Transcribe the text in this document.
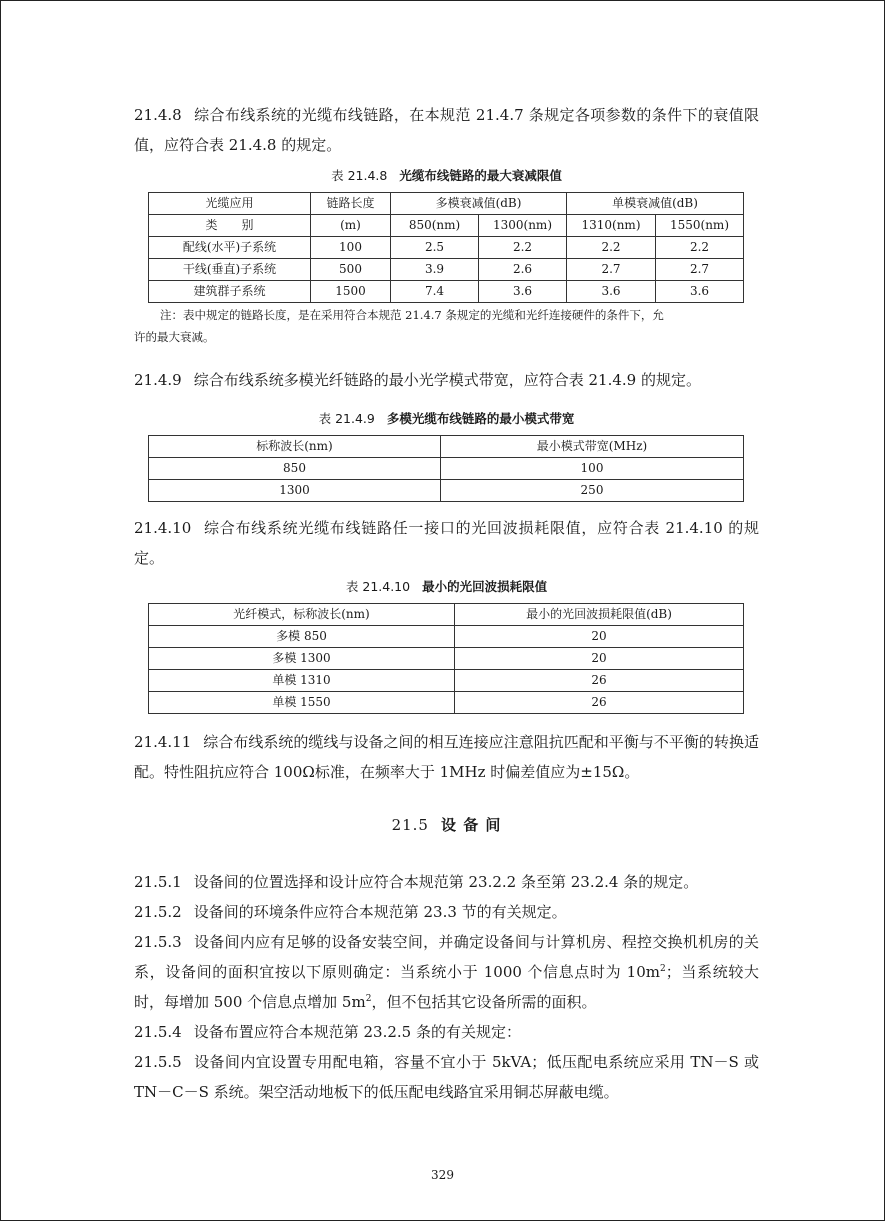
21.4.8 综合布线系统的光缆布线链路，在本规范 21.4.7 条规定各项参数的条件下的衰值限值，应符合表 21.4.8 的规定。

表 21.4.8 光缆布线链路的最大衰减限值

光缆应用	链路长度	多模衰减值(dB)		单模衰减值(dB)	
类　　别	(m)	850(nm)	1300(nm)	1310(nm)	1550(nm)
配线(水平)子系统	100	2.5	2.2	2.2	2.2
干线(垂直)子系统	500	3.9	2.6	2.7	2.7
建筑群子系统	1500	7.4	3.6	3.6	3.6

注：表中规定的链路长度，是在采用符合本规范 21.4.7 条规定的光缆和光纤连接硬件的条件下，允

许的最大衰减。

21.4.9 综合布线系统多模光纤链路的最小光学模式带宽，应符合表 21.4.9 的规定。

表 21.4.9 多模光缆布线链路的最小模式带宽

标称波长(nm)	最小模式带宽(MHz)
850	100
1300	250

21.4.10 综合布线系统光缆布线链路任一接口的光回波损耗限值，应符合表 21.4.10 的规定。

表 21.4.10 最小的光回波损耗限值

光纤模式，标称波长(nm)	最小的光回波损耗限值(dB)
多模 850	20
多模 1300	20
单模 1310	26
单模 1550	26

21.4.11 综合布线系统的缆线与设备之间的相互连接应注意阻抗匹配和平衡与不平衡的转换适配。特性阻抗应符合 100Ω标准，在频率大于 1MHz 时偏差值应为±15Ω。

21.5 设 备 间

21.5.1 设备间的位置选择和设计应符合本规范第 23.2.2 条至第 23.2.4 条的规定。

21.5.2 设备间的环境条件应符合本规范第 23.3 节的有关规定。

21.5.3 设备间内应有足够的设备安装空间，并确定设备间与计算机房、程控交换机机房的关系，设备间的面积宜按以下原则确定：当系统小于 1000 个信息点时为 $10m^2$；当系统较大时，每增加 500 个信息点增加 $5m^2$，但不包括其它设备所需的面积。

21.5.4 设备布置应符合本规范第 23.2.5 条的有关规定：

21.5.5 设备间内宜设置专用配电箱，容量不宜小于 5kVA；低压配电系统应采用 TN－S 或 TN－C－S 系统。架空活动地板下的低压配电线路宜采用铜芯屏蔽电缆。

329
